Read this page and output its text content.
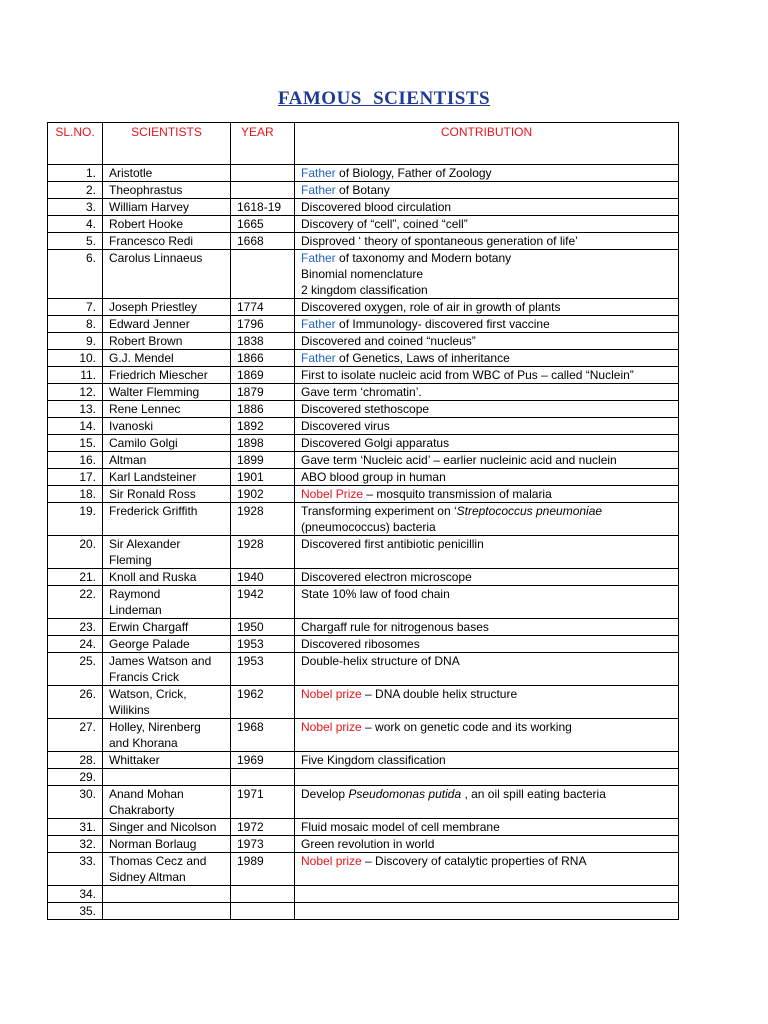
FAMOUS SCIENTISTS
SL.NO.	SCIENTISTS	YEAR	CONTRIBUTION
1.	Aristotle		Father of Biology, Father of Zoology
2.	Theophrastus		Father of Botany
3.	William Harvey	1618-19	Discovered blood circulation
4.	Robert Hooke	1665	Discovery of “cell”, coined “cell”
5.	Francesco Redi	1668	Disproved ‘ theory of spontaneous generation of life’
6.	Carolus Linnaeus		Father of taxonomy and Modern botany
Binomial nomenclature
2 kingdom classification
7.	Joseph Priestley	1774	Discovered oxygen, role of air in growth of plants
8.	Edward Jenner	1796	Father of Immunology- discovered first vaccine
9.	Robert Brown	1838	Discovered and coined “nucleus”
10.	G.J. Mendel	1866	Father of Genetics, Laws of inheritance
11.	Friedrich Miescher	1869	First to isolate nucleic acid from WBC of Pus – called “Nuclein”
12.	Walter Flemming	1879	Gave term ‘chromatin’.
13.	Rene Lennec	1886	Discovered stethoscope
14.	Ivanoski	1892	Discovered virus
15.	Camilo Golgi	1898	Discovered Golgi apparatus
16.	Altman	1899	Gave term ‘Nucleic acid’ – earlier nucleinic acid and nuclein
17.	Karl Landsteiner	1901	ABO blood group in human
18.	Sir Ronald Ross	1902	Nobel Prize – mosquito transmission of malaria
19.	Frederick Griffith	1928	Transforming experiment on ‘Streptococcus pneumoniae
(pneumococcus) bacteria
20.	Sir Alexander
Fleming	1928	Discovered first antibiotic penicillin
21.	Knoll and Ruska	1940	Discovered electron microscope
22.	Raymond
Lindeman	1942	State 10% law of food chain
23.	Erwin Chargaff	1950	Chargaff rule for nitrogenous bases
24.	George Palade	1953	Discovered ribosomes
25.	James Watson and
Francis Crick	1953	Double-helix structure of DNA
26.	Watson, Crick,
Wilikins	1962	Nobel prize – DNA double helix structure
27.	Holley, Nirenberg
and Khorana	1968	Nobel prize – work on genetic code and its working
28.	Whittaker	1969	Five Kingdom classification
29.			
30.	Anand Mohan
Chakraborty	1971	Develop Pseudomonas putida , an oil spill eating bacteria
31.	Singer and Nicolson	1972	Fluid mosaic model of cell membrane
32.	Norman Borlaug	1973	Green revolution in world
33.	Thomas Cecz and
Sidney Altman	1989	Nobel prize – Discovery of catalytic properties of RNA
34.			
35.			
